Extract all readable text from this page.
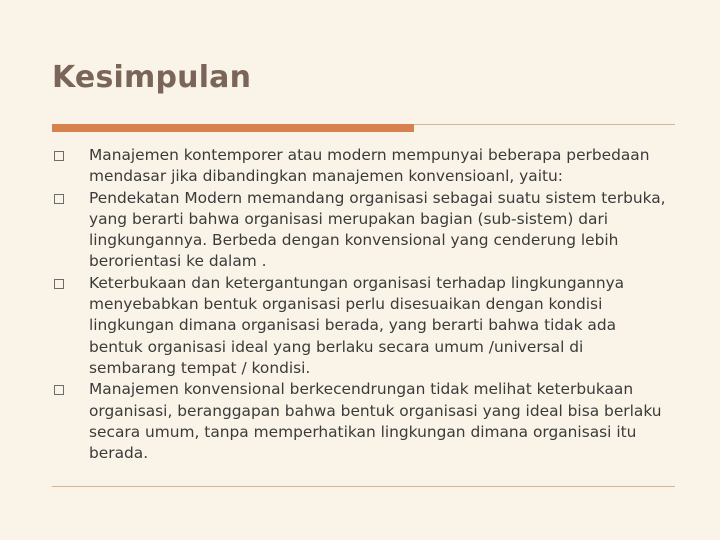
Kesimpulan
Manajemen kontemporer atau modern mempunyai beberapa perbedaan mendasar jika dibandingkan manajemen konvensioanl, yaitu:
Pendekatan Modern memandang organisasi sebagai suatu sistem terbuka, yang berarti bahwa organisasi merupakan bagian (sub-sistem) dari lingkungannya. Berbeda dengan konvensional yang cenderung lebih berorientasi ke dalam .
Keterbukaan dan ketergantungan organisasi terhadap lingkungannya menyebabkan bentuk organisasi perlu disesuaikan dengan kondisi lingkungan dimana organisasi berada, yang berarti bahwa tidak ada bentuk organisasi ideal yang berlaku secara umum /universal di sembarang tempat / kondisi.
Manajemen konvensional berkecendrungan tidak melihat keterbukaan organisasi, beranggapan bahwa bentuk organisasi yang ideal bisa berlaku secara umum, tanpa memperhatikan lingkungan dimana organisasi itu berada.
